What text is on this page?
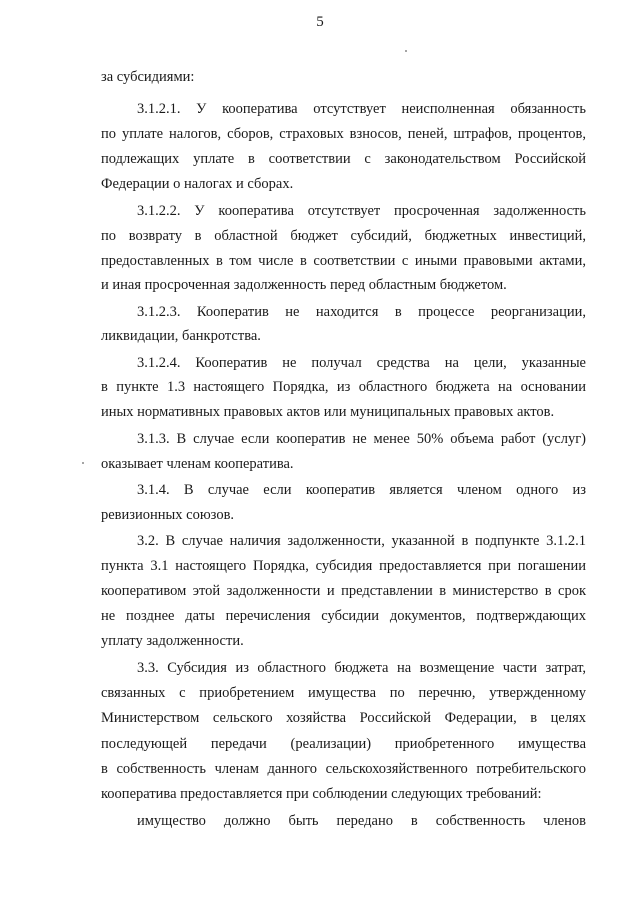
5
за субсидиями:
3.1.2.1. У кооператива отсутствует неисполненная обязанность
по уплате налогов, сборов, страховых взносов, пеней, штрафов, процентов,
подлежащих уплате в соответствии с законодательством Российской
Федерации о налогах и сборах.
3.1.2.2. У кооператива отсутствует просроченная задолженность
по возврату в областной бюджет субсидий, бюджетных инвестиций,
предоставленных в том числе в соответствии с иными правовыми актами,
и иная просроченная задолженность перед областным бюджетом.
3.1.2.3. Кооператив не находится в процессе реорганизации,
ликвидации, банкротства.
3.1.2.4. Кооператив не получал средства на цели, указанные
в пункте 1.3 настоящего Порядка, из областного бюджета на основании
иных нормативных правовых актов или муниципальных правовых актов.
3.1.3. В случае если кооператив не менее 50% объема работ (услуг)
оказывает членам кооператива.
3.1.4. В случае если кооператив является членом одного из
ревизионных союзов.
3.2. В случае наличия задолженности, указанной в подпункте 3.1.2.1
пункта 3.1 настоящего Порядка, субсидия предоставляется при погашении
кооперативом этой задолженности и представлении в министерство в срок
не позднее даты перечисления субсидии документов, подтверждающих
уплату задолженности.
3.3. Субсидия из областного бюджета на возмещение части затрат,
связанных с приобретением имущества по перечню, утвержденному
Министерством сельского хозяйства Российской Федерации, в целях
последующей передачи (реализации) приобретенного имущества
в собственность членам данного сельскохозяйственного потребительского
кооператива предоставляется при соблюдении следующих требований:
имущество должно быть передано в собственность членов
